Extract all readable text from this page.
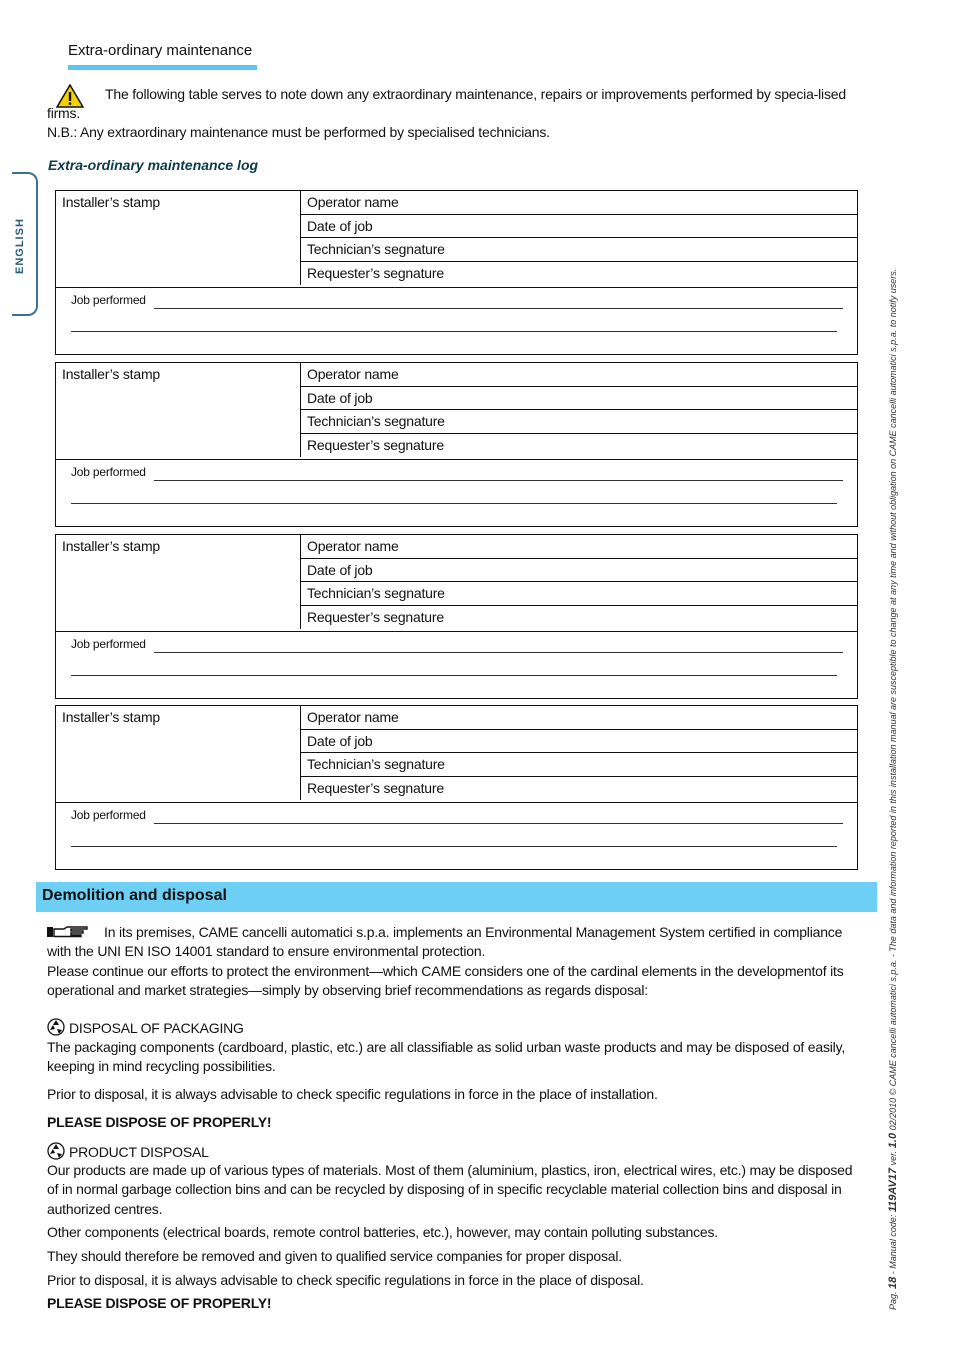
Extra-ordinary maintenance
The following table serves to note down any extraordinary maintenance, repairs or improvements performed by specia-lised firms.
N.B.: Any extraordinary maintenance must be performed by specialised technicians.
Extra-ordinary maintenance log
ENGLISH
Installer’s stamp	Operator name
Date of job
Technician’s segnature
Requester’s segnature
Job performed
Installer’s stamp	Operator name
Date of job
Technician’s segnature
Requester’s segnature
Job performed
Installer’s stamp	Operator name
Date of job
Technician’s segnature
Requester’s segnature
Job performed
Installer’s stamp	Operator name
Date of job
Technician’s segnature
Requester’s segnature
Job performed
Demolition and disposal
In its premises, CAME cancelli automatici s.p.a. implements an Environmental Management System certified in compliance with the UNI EN ISO 14001 standard to ensure environmental protection.
Please continue our efforts to protect the environment—which CAME considers one of the cardinal elements in the developmentof its operational and market strategies—simply by observing brief recommendations as regards disposal:
DISPOSAL OF PACKAGING
The packaging components (cardboard, plastic, etc.) are all classifiable as solid urban waste products and may be disposed of easily, keeping in mind recycling possibilities.
Prior to disposal, it is always advisable to check specific regulations in force in the place of installation.
PLEASE DISPOSE OF PROPERLY!
PRODUCT DISPOSAL
Our products are made up of various types of materials. Most of them (aluminium, plastics, iron, electrical wires, etc.) may be disposed of in normal garbage collection bins and can be recycled by disposing of in specific recyclable material collection bins and disposal in authorized centres.
Other components (electrical boards, remote control batteries, etc.), however, may contain polluting substances.
They should therefore be removed and given to qualified service companies for proper disposal.
Prior to disposal, it is always advisable to check specific regulations in force in the place of disposal.
PLEASE DISPOSE OF PROPERLY!	Pag. 18 - Manual code: 119AV17 ver. 1.0 02/2010 © CAME cancelli automatici s.p.a. - The data and information reported in this installation manual are susceptible to change at any time and without obligation on CAME cancelli automatici s.p.a. to notify users.
